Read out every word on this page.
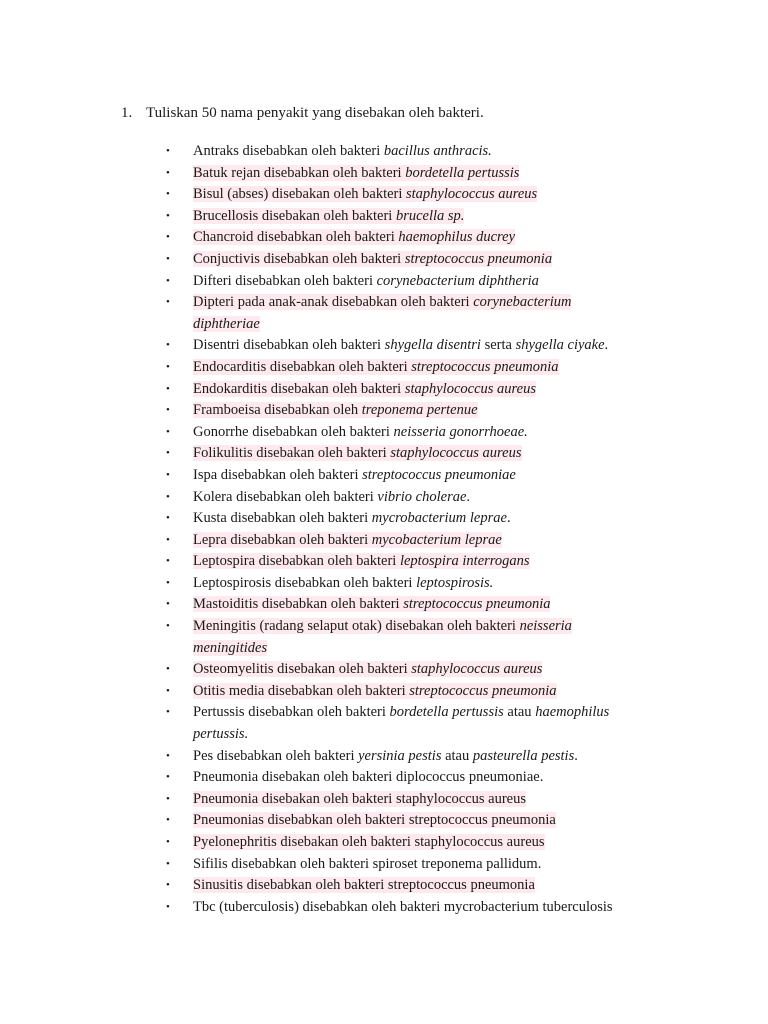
1. Tuliskan 50 nama penyakit yang disebakan oleh bakteri.
• Antraks disebabkan oleh bakteri bacillus anthracis.
• Batuk rejan disebabkan oleh bakteri bordetella pertussis
• Bisul (abses) disebakan oleh bakteri staphylococcus aureus
• Brucellosis disebakan oleh bakteri brucella sp.
• Chancroid disebabkan oleh bakteri haemophilus ducrey
• Conjuctivis disebabkan oleh bakteri streptococcus pneumonia
• Difteri disebabkan oleh bakteri corynebacterium diphtheria
• Dipteri pada anak-anak disebabkan oleh bakteri corynebacterium
diphtheriae
• Disentri disebabkan oleh bakteri shygella disentri serta shygella ciyake.
• Endocarditis disebabkan oleh bakteri streptococcus pneumonia
• Endokarditis disebakan oleh bakteri staphylococcus aureus
• Framboeisa disebabkan oleh treponema pertenue
• Gonorrhe disebabkan oleh bakteri neisseria gonorrhoeae.
• Folikulitis disebakan oleh bakteri staphylococcus aureus
• Ispa disebabkan oleh bakteri streptococcus pneumoniae
• Kolera disebabkan oleh bakteri vibrio cholerae.
• Kusta disebabkan oleh bakteri mycrobacterium leprae.
• Lepra disebabkan oleh bakteri mycobacterium leprae
• Leptospira disebabkan oleh bakteri leptospira interrogans
• Leptospirosis disebabkan oleh bakteri leptospirosis.
• Mastoiditis disebabkan oleh bakteri streptococcus pneumonia
• Meningitis (radang selaput otak) disebakan oleh bakteri neisseria
meningitides
• Osteomyelitis disebakan oleh bakteri staphylococcus aureus
• Otitis media disebabkan oleh bakteri streptococcus pneumonia
• Pertussis disebabkan oleh bakteri bordetella pertussis atau haemophilus
pertussis.
• Pes disebabkan oleh bakteri yersinia pestis atau pasteurella pestis.
• Pneumonia disebakan oleh bakteri diplococcus pneumoniae.
• Pneumonia disebakan oleh bakteri staphylococcus aureus
• Pneumonias disebabkan oleh bakteri streptococcus pneumonia
• Pyelonephritis disebakan oleh bakteri staphylococcus aureus
• Sifilis disebabkan oleh bakteri spiroset treponema pallidum.
• Sinusitis disebabkan oleh bakteri streptococcus pneumonia
• Tbc (tuberculosis) disebabkan oleh bakteri mycrobacterium tuberculosis
